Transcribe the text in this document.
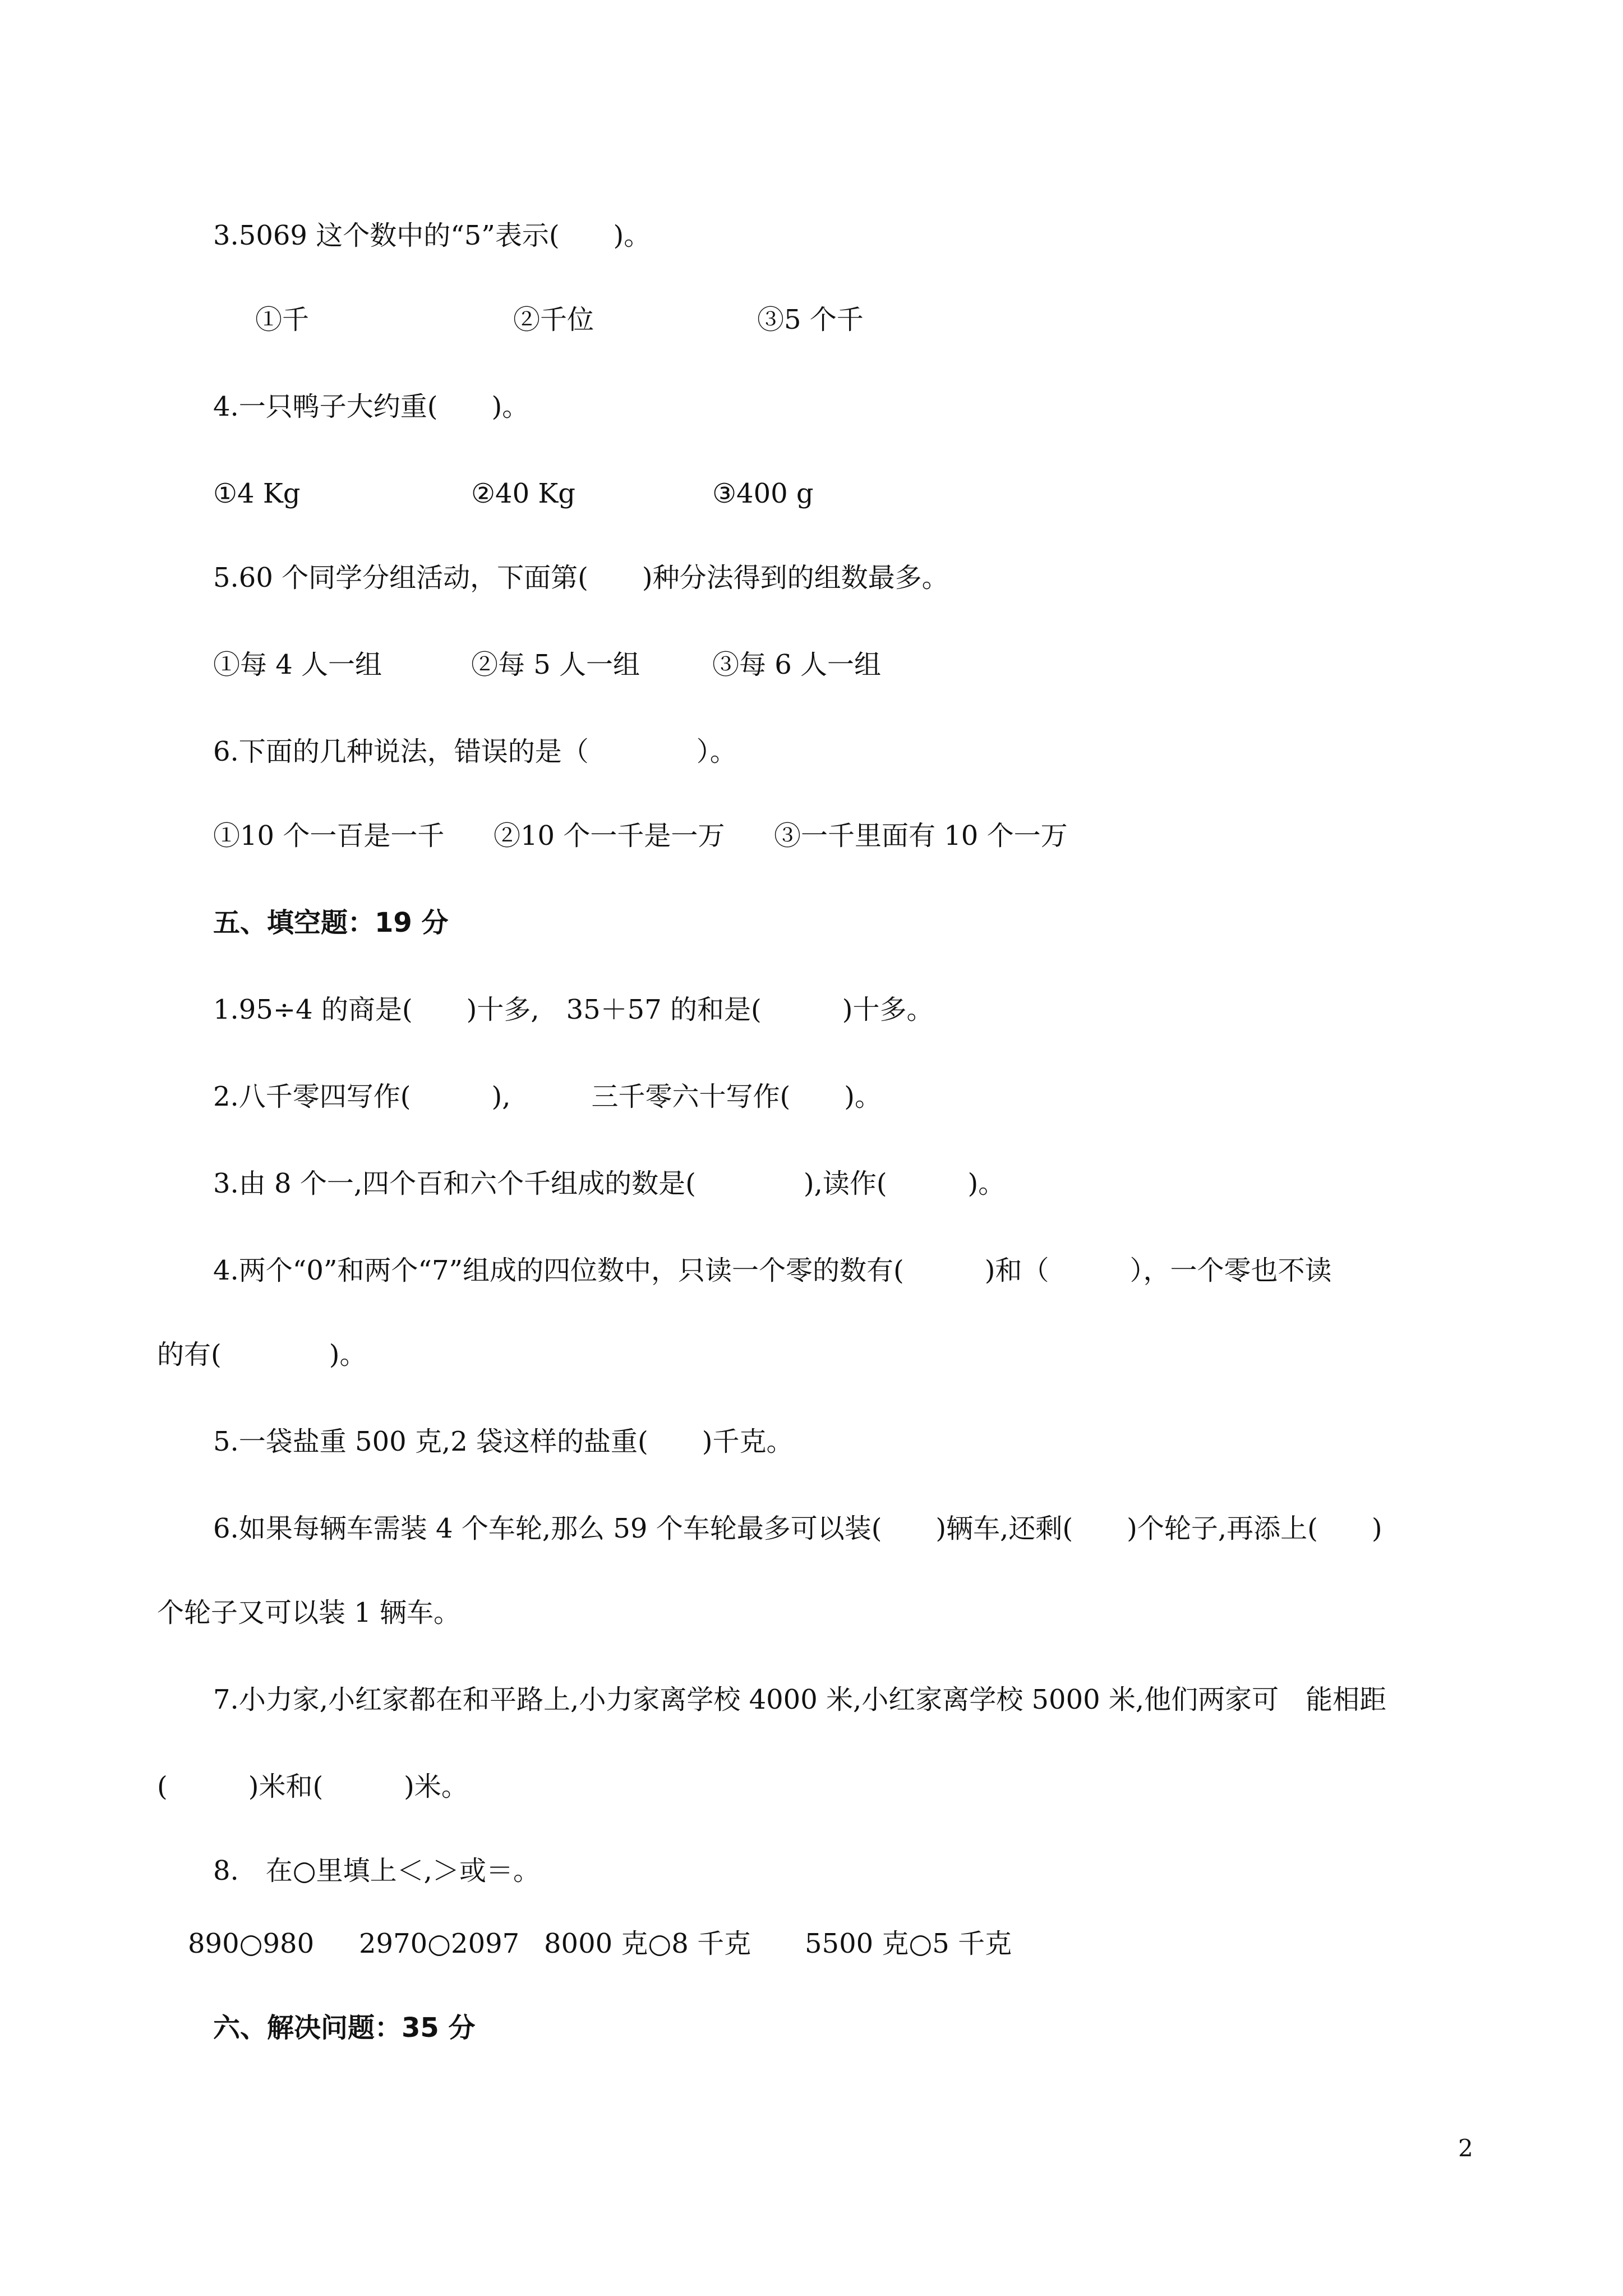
3.5069 这个数中的“5”表示(　　)。
①千	②千位	③5 个千
4.一只鸭子大约重(　　)。
①4 Kg	②40 Kg	③400 g
5.60 个同学分组活动，下面第(　　)种分法得到的组数最多。
①每 4 人一组	②每 5 人一组	③每 6 人一组
6.下面的几种说法，错误的是（　　　　）。
①10 个一百是一千 ②10 个一千是一万 ③一千里面有 10 个一万
五、填空题：19 分
1.95÷4 的商是(　　)十多,　35＋57 的和是(　　　)十多。
2.八千零四写作(　　　),　　　三千零六十写作(　　)。
3.由 8 个一,四个百和六个千组成的数是(　　　　),读作(　　　)。
4.两个“0”和两个“7”组成的四位数中，只读一个零的数有(　　　)和（　　　），一个零也不读
的有(　　　　)。
5.一袋盐重 500 克,2 袋这样的盐重(　　)千克。
6.如果每辆车需装 4 个车轮,那么 59 个车轮最多可以装(　　)辆车,还剩(　　)个轮子,再添上(　　)
个轮子又可以装 1 辆车。
7.小力家,小红家都在和平路上,小力家离学校 4000 米,小红家离学校 5000 米,他们两家可　能相距
(　　　)米和(　　　)米。
8.　在○里填上＜,＞或＝。
890○980 2970○2097 8000 克○8 千克 5500 克○5 千克
六、解决问题：35 分
2
